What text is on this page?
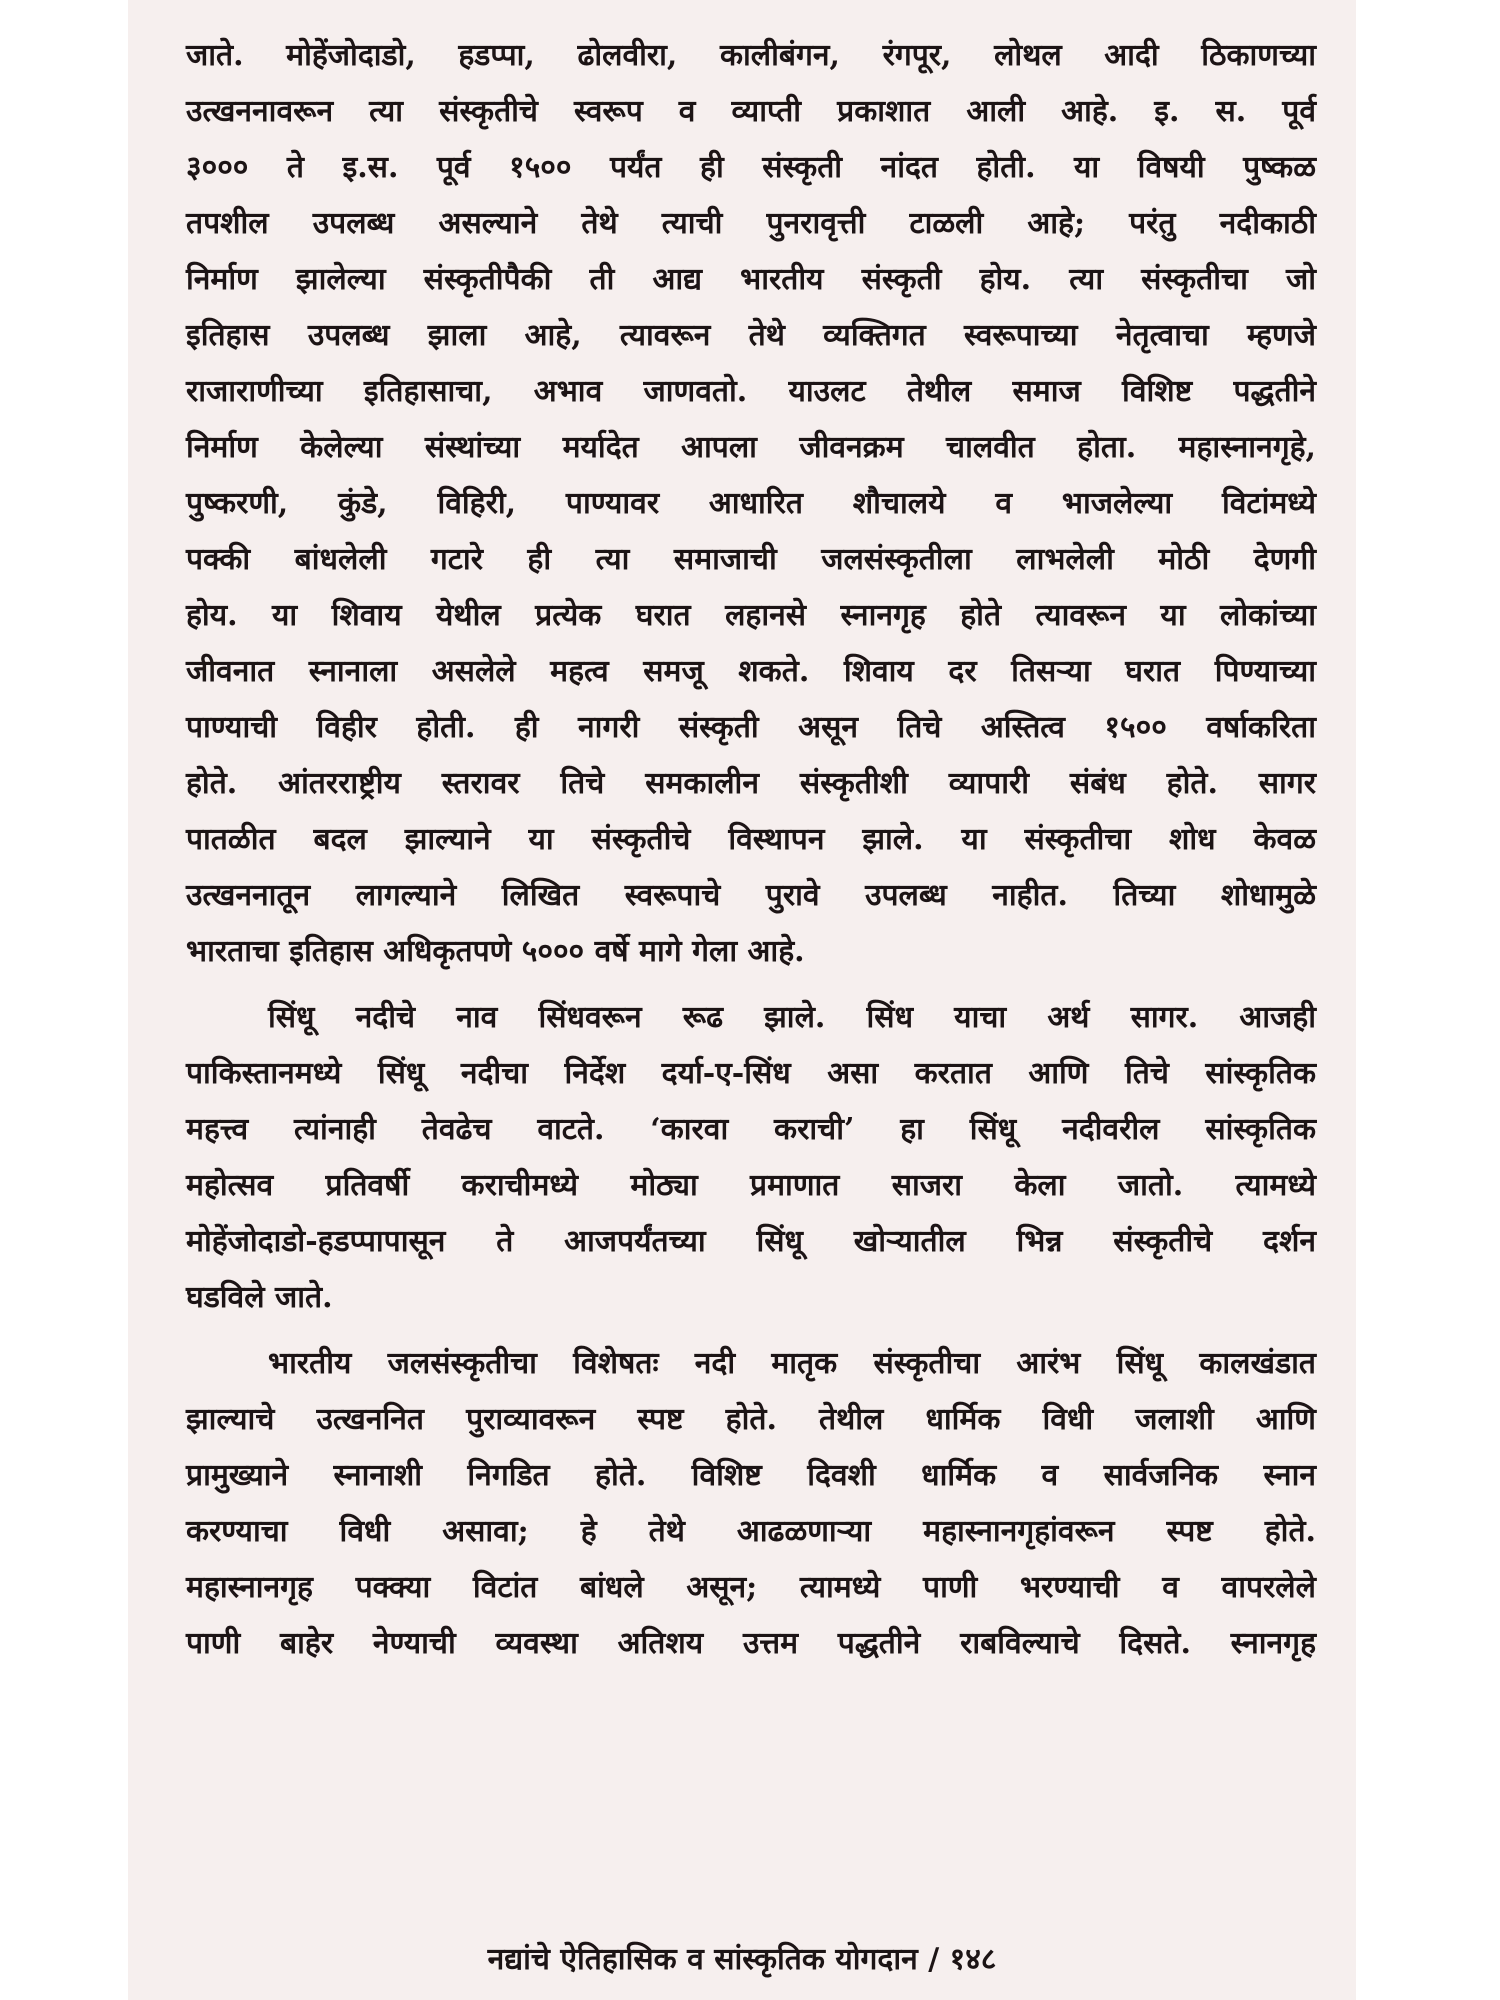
जाते. मोहेंजोदाडो, हडप्पा, ढोलवीरा, कालीबंगन, रंगपूर, लोथल आदी ठिकाणच्या
उत्खननावरून त्या संस्कृतीचे स्वरूप व व्याप्ती प्रकाशात आली आहे. इ. स. पूर्व
३००० ते इ.स. पूर्व १५०० पर्यंत ही संस्कृती नांदत होती. या विषयी पुष्कळ
तपशील उपलब्ध असल्याने तेथे त्याची पुनरावृत्ती टाळली आहे; परंतु नदीकाठी
निर्माण झालेल्या संस्कृतीपैकी ती आद्य भारतीय संस्कृती होय. त्या संस्कृतीचा जो
इतिहास उपलब्ध झाला आहे, त्यावरून तेथे व्यक्तिगत स्वरूपाच्या नेतृत्वाचा म्हणजे
राजाराणीच्या इतिहासाचा, अभाव जाणवतो. याउलट तेथील समाज विशिष्ट पद्धतीने
निर्माण केलेल्या संस्थांच्या मर्यादेत आपला जीवनक्रम चालवीत होता. महास्नानगृहे,
पुष्करणी, कुंडे, विहिरी, पाण्यावर आधारित शौचालये व भाजलेल्या विटांमध्ये
पक्की बांधलेली गटारे ही त्या समाजाची जलसंस्कृतीला लाभलेली मोठी देणगी
होय. या शिवाय येथील प्रत्येक घरात लहानसे स्नानगृह होते त्यावरून या लोकांच्या
जीवनात स्नानाला असलेले महत्व समजू शकते. शिवाय दर तिसऱ्या घरात पिण्याच्या
पाण्याची विहीर होती. ही नागरी संस्कृती असून तिचे अस्तित्व १५०० वर्षाकरिता
होते. आंतरराष्ट्रीय स्तरावर तिचे समकालीन संस्कृतीशी व्यापारी संबंध होते. सागर
पातळीत बदल झाल्याने या संस्कृतीचे विस्थापन झाले. या संस्कृतीचा शोध केवळ
उत्खननातून लागल्याने लिखित स्वरूपाचे पुरावे उपलब्ध नाहीत. तिच्या शोधामुळे
भारताचा इतिहास अधिकृतपणे ५००० वर्षे मागे गेला आहे.
सिंधू नदीचे नाव सिंधवरून रूढ झाले. सिंध याचा अर्थ सागर. आजही
पाकिस्तानमध्ये सिंधू नदीचा निर्देश दर्या-ए-सिंध असा करतात आणि तिचे सांस्कृतिक
महत्त्व त्यांनाही तेवढेच वाटते. ‘कारवा कराची’ हा सिंधू नदीवरील सांस्कृतिक
महोत्सव प्रतिवर्षी कराचीमध्ये मोठ्या प्रमाणात साजरा केला जातो. त्यामध्ये
मोहेंजोदाडो-हडप्पापासून ते आजपर्यंतच्या सिंधू खोऱ्यातील भिन्न संस्कृतीचे दर्शन
घडविले जाते.
भारतीय जलसंस्कृतीचा विशेषतः नदी मातृक संस्कृतीचा आरंभ सिंधू कालखंडात
झाल्याचे उत्खननित पुराव्यावरून स्पष्ट होते. तेथील धार्मिक विधी जलाशी आणि
प्रामुख्याने स्नानाशी निगडित होते. विशिष्ट दिवशी धार्मिक व सार्वजनिक स्नान
करण्याचा विधी असावा; हे तेथे आढळणाऱ्या महास्नानगृहांवरून स्पष्ट होते.
महास्नानगृह पक्क्या विटांत बांधले असून; त्यामध्ये पाणी भरण्याची व वापरलेले
पाणी बाहेर नेण्याची व्यवस्था अतिशय उत्तम पद्धतीने राबविल्याचे दिसते. स्नानगृह
नद्यांचे ऐतिहासिक व सांस्कृतिक योगदान / १४८
